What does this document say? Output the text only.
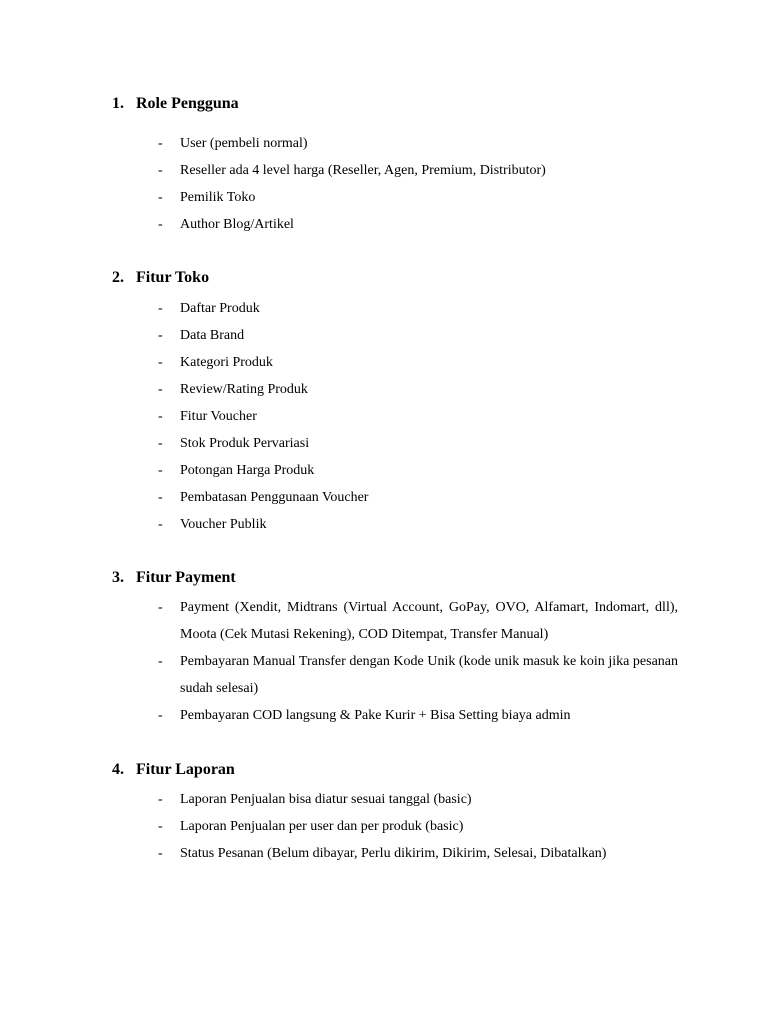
1. Role Pengguna
-	User (pembeli normal)
-	Reseller ada 4 level harga (Reseller, Agen, Premium, Distributor)
-	Pemilik Toko
-	Author Blog/Artikel
2. Fitur Toko
-	Daftar Produk
-	Data Brand
-	Kategori Produk
-	Review/Rating Produk
-	Fitur Voucher
-	Stok Produk Pervariasi
-	Potongan Harga Produk
-	Pembatasan Penggunaan Voucher
-	Voucher Publik
3. Fitur Payment
-	Payment (Xendit, Midtrans (Virtual Account, GoPay, OVO, Alfamart, Indomart, dll), Moota (Cek Mutasi Rekening), COD Ditempat, Transfer Manual)
-	Pembayaran Manual Transfer dengan Kode Unik (kode unik masuk ke koin jika pesanan sudah selesai)
-	Pembayaran COD langsung & Pake Kurir + Bisa Setting biaya admin
4. Fitur Laporan
-	Laporan Penjualan bisa diatur sesuai tanggal (basic)
-	Laporan Penjualan per user dan per produk (basic)
-	Status Pesanan (Belum dibayar, Perlu dikirim, Dikirim, Selesai, Dibatalkan)
